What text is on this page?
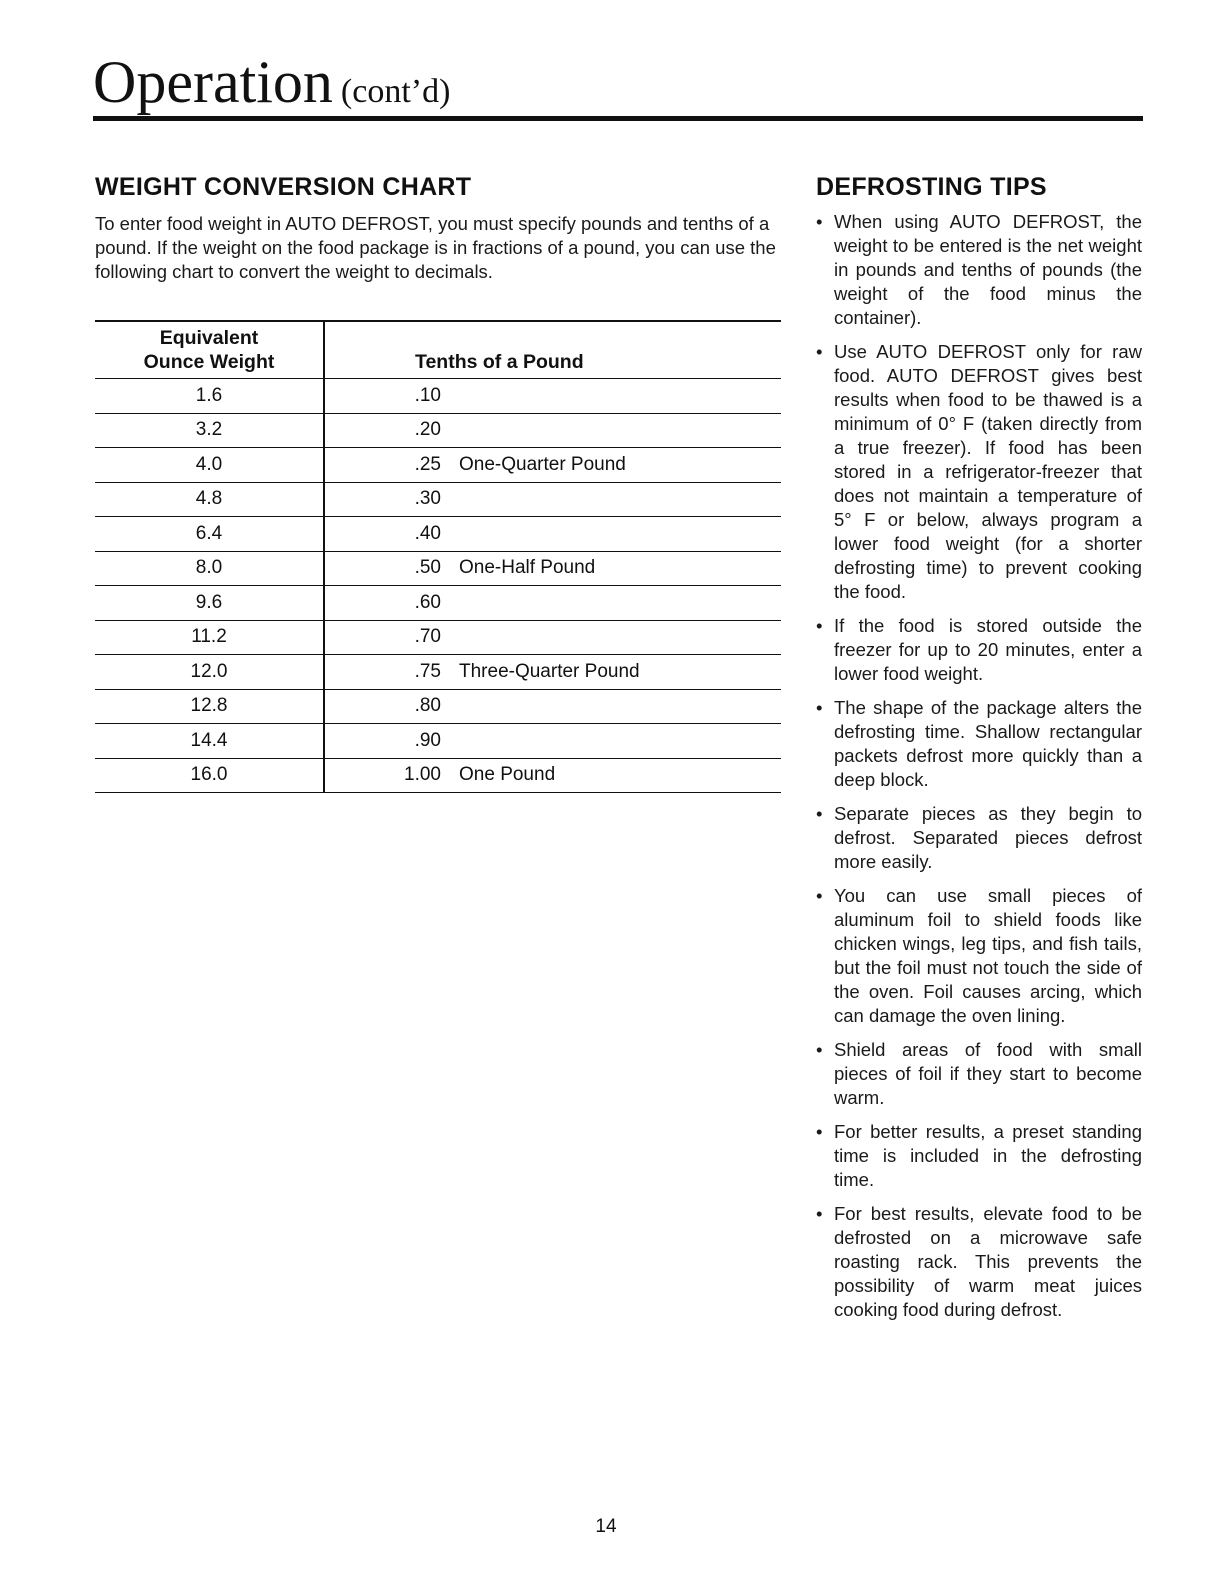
Operation (cont’d)
WEIGHT CONVERSION CHART

To enter food weight in AUTO DEFROST, you must specify pounds and tenths of a pound. If the weight on the food package is in fractions of a pound, you can use the following chart to convert the weight to decimals.

Equivalent
Ounce Weight	Tenths of a Pound
1.6	.10
3.2	.20
4.0	.25 One-Quarter Pound
4.8	.30
6.4	.40
8.0	.50 One-Half Pound
9.6	.60
11.2	.70
12.0	.75 Three-Quarter Pound
12.8	.80
14.4	.90
16.0	1.00 One Pound
DEFROSTING TIPS
• When using AUTO DEFROST, the weight to be entered is the net weight in pounds and tenths of pounds (the weight of the food minus the container).
• Use AUTO DEFROST only for raw food. AUTO DEFROST gives best results when food to be thawed is a minimum of 0° F (taken directly from a true freezer). If food has been stored in a refrigerator-freezer that does not maintain a temperature of 5° F or below, always program a lower food weight (for a shorter defrosting time) to prevent cooking the food.
• If the food is stored outside the freezer for up to 20 minutes, enter a lower food weight.
• The shape of the package alters the defrosting time. Shallow rectangular packets defrost more quickly than a deep block.
• Separate pieces as they begin to defrost. Separated pieces defrost more easily.
• You can use small pieces of aluminum foil to shield foods like chicken wings, leg tips, and fish tails, but the foil must not touch the side of the oven. Foil causes arcing, which can damage the oven lining.
• Shield areas of food with small pieces of foil if they start to become warm.
• For better results, a preset standing time is included in the defrosting time.
• For best results, elevate food to be defrosted on a microwave safe roasting rack. This prevents the possibility of warm meat juices cooking food during defrost.
14
